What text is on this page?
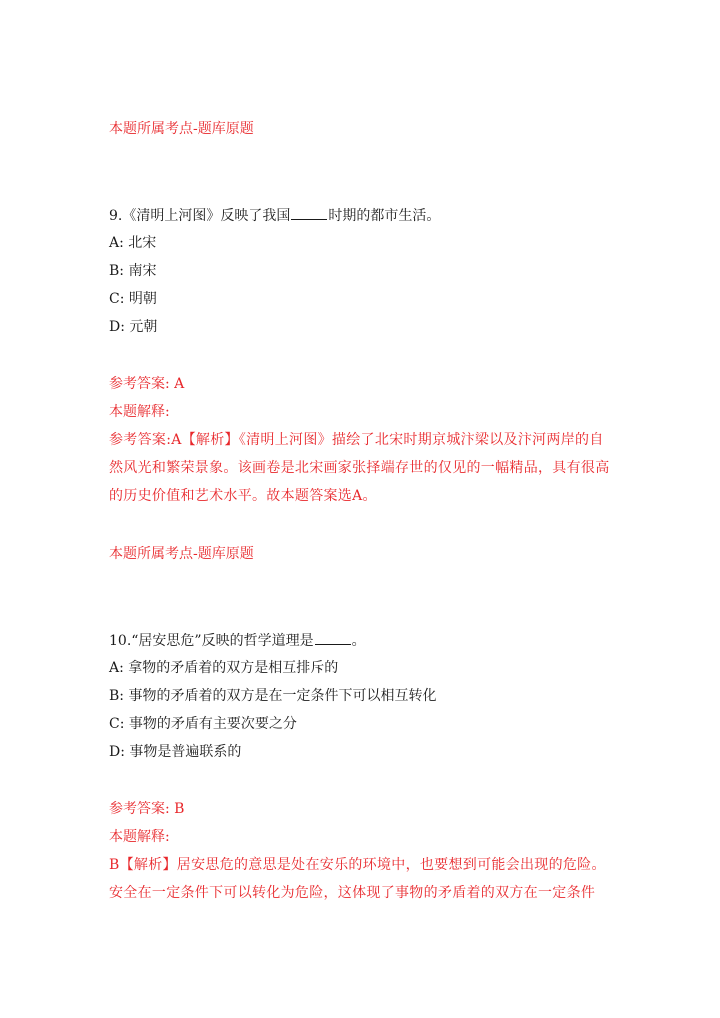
本题所属考点-题库原题
9.《清明上河图》反映了我国	时期的都市生活。
A: 北宋
B: 南宋
C: 明朝
D: 元朝
参考答案: A
本题解释:
参考答案:A【解析】《清明上河图》描绘了北宋时期京城汴梁以及汴河两岸的自然风光和繁荣景象。该画卷是北宋画家张择端存世的仅见的一幅精品，具有很高的历史价值和艺术水平。故本题答案选A。
本题所属考点-题库原题
10.“居安思危”反映的哲学道理是	。
A: 拿物的矛盾着的双方是相互排斥的
B: 事物的矛盾着的双方是在一定条件下可以相互转化
C: 事物的矛盾有主要次要之分
D: 事物是普遍联系的
参考答案: B
本题解释:
B【解析】居安思危的意思是处在安乐的环境中，也要想到可能会出现的危险。安全在一定条件下可以转化为危险，这体现了事物的矛盾着的双方在一定条件
